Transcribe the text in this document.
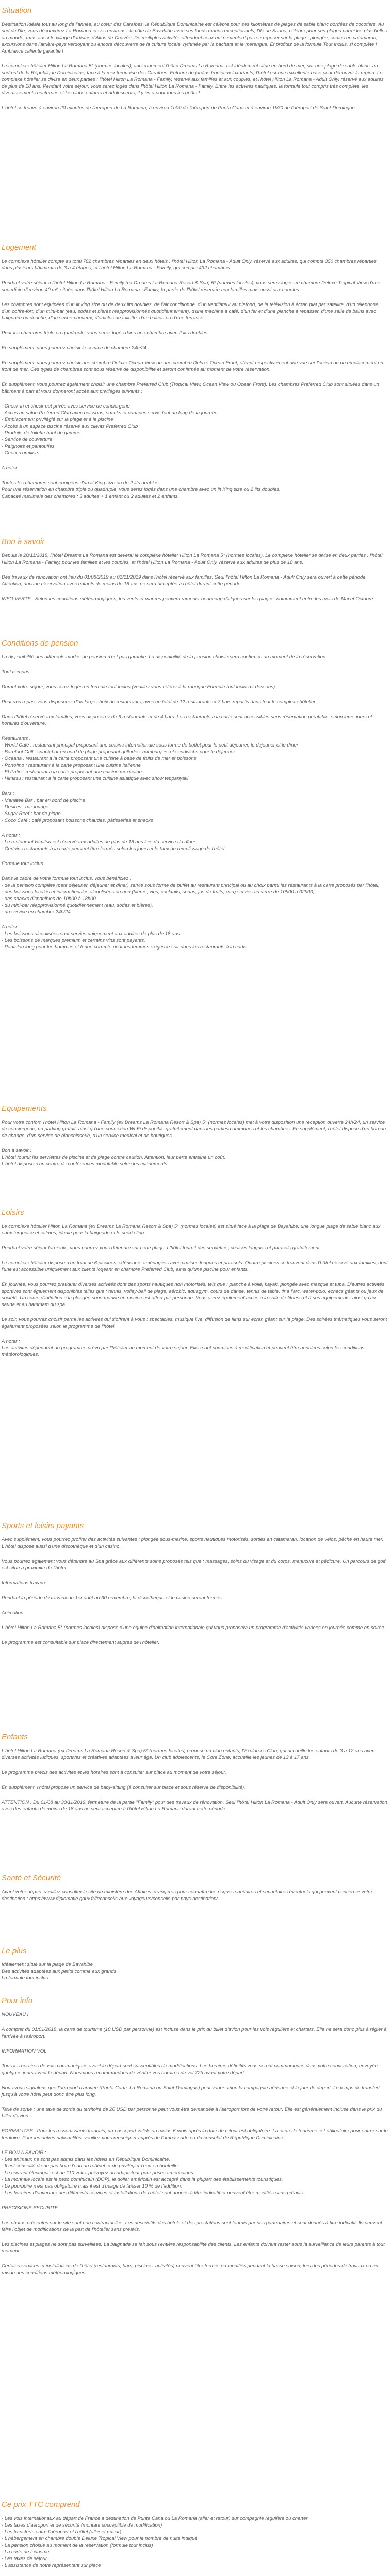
Situation

Destination idéale tout au long de l'année, au cœur des Caraïbes, la République Dominicaine est célèbre pour ses kilomètres de plages de sable blanc bordées de cocotiers. Au sud de l'île, vous découvrirez La Romana et ses environs : la côte de Bayahibe avec ses fonds marins exceptionnels, l'île de Saona, célèbre pour ses plages parmi les plus belles au monde, mais aussi le village d'artistes d'Altos de Chavón. De multiples activités attendent ceux qui ne veulent pas se reposer sur la plage : plongée, sorties en catamaran, excursions dans l'arrière-pays verdoyant ou encore découverte de la culture locale, rythmée par la bachata et le merengue. Et profitez de la formule Tout Inclus, si complète ! Ambiance caliente garantie !

Le complexe hôtelier Hilton La Romana 5* (normes locales), anciennement l'hôtel Dreams La Romana, est idéalement situé en bord de mer, sur une plage de sable blanc, au sud-est de la République Dominicaine, face à la mer turquoise des Caraïbes. Entouré de jardins tropicaux luxuriants, l'hôtel est une excellente base pour découvrir la région. Le complexe hôtelier se divise en deux parties : l'hôtel Hilton La Romana - Family, réservé aux familles et aux couples, et l'hôtel Hilton La Romana - Adult Only, réservé aux adultes de plus de 18 ans. Pendant votre séjour, vous serez logés dans l'hôtel Hilton La Romana - Family. Entre les activités nautiques, la formule tout compris très complète, les divertissements nocturnes et les clubs enfants et adolescents, il y en a pour tous les goûts !

L'hôtel se trouve à environ 20 minutes de l'aéroport de La Romana, à environ 1h00 de l'aéroport de Punta Cana et à environ 1h30 de l'aéroport de Saint-Domingue.

Logement

Le complexe hôtelier compte au total 782 chambres réparties en deux hôtels : l'hôtel Hilton La Romana - Adult Only, réservé aux adultes, qui compte 350 chambres réparties dans plusieurs bâtiments de 3 à 4 étages, et l'hôtel Hilton La Romana - Family, qui compte 432 chambres.

Pendant votre séjour à l'hôtel Hilton La Romana - Family (ex Dreams La Romana Resort & Spa) 5* (normes locales), vous serez logés en chambre Deluxe Tropical View d'une superficie d'environ 40 m², située dans l'hôtel Hilton La Romana - Family, la partie de l'hôtel réservée aux familles mais aussi aux couples.

Les chambres sont équipées d'un lit king size ou de deux lits doubles, de l'air conditionné, d'un ventilateur au plafond, de la télévision à écran plat par satellite, d'un téléphone, d'un coffre-fort, d'un mini-bar (eau, sodas et bières réapprovisionnés quotidiennement), d'une machine à café, d'un fer et d'une planche à repasser, d'une salle de bains avec baignoire ou douche, d'un sèche-cheveux, d'articles de toilette, d'un balcon ou d'une terrasse.

Pour les chambres triple ou quadruple, vous serez logés dans une chambre avec 2 lits doubles.

En supplément, vous pourrez choisir le service de chambre 24h/24.

En supplément, vous pourrez choisir une chambre Deluxe Ocean View ou une chambre Deluxe Ocean Front, offrant respectivement une vue sur l'océan ou un emplacement en front de mer. Ces types de chambres sont sous réserve de disponibilité et seront confirmés au moment de votre réservation.

En supplément, vous pourrez également choisir une chambre Preferred Club (Tropical View, Ocean View ou Ocean Front). Les chambres Preferred Club sont situées dans un bâtiment à part et vous donneront accès aux privilèges suivants :

- Check-in et check-out privés avec service de conciergerie
- Accès au salon Preferred Club avec boissons, snacks et canapés servis tout au long de la journée
- Emplacement privilégié sur la plage et à la piscine
- Accès à un espace piscine réservé aux clients Preferred Club
- Produits de toilette haut de gamme
- Service de couverture
- Peignoirs et pantoufles
- Choix d'oreillers

A noter :

Toutes les chambres sont équipées d'un lit King size ou de 2 lits doubles.
Pour une réservation en chambre triple ou quadruple, vous serez logés dans une chambre avec un lit King size ou 2 lits doubles.
Capacité maximale des chambres : 3 adultes + 1 enfant ou 2 adultes et 2 enfants.

Bon à savoir

Depuis le 20/11/2018, l'hôtel Dreams La Romana est devenu le complexe hôtelier Hilton La Romana 5* (normes locales). Le complexe hôtelier se divise en deux parties : l'hôtel Hilton La Romana - Family, pour les familles et les couples, et l'hôtel Hilton La Romana - Adult Only, réservé aux adultes de plus de 18 ans.

Des travaux de rénovation ont lieu du 01/08/2019 au 01/11/2019 dans l'hôtel réservé aux familles. Seul l'hôtel Hilton La Romana - Adult Only sera ouvert à cette période. Attention, aucune réservation avec enfants de moins de 18 ans ne sera acceptée à l'hôtel durant cette période.

INFO VERTE : Selon les conditions météorologiques, les vents et marées peuvent ramener beaucoup d'algues sur les plages, notamment entre les mois de Mai et Octobre.

Conditions de pension

La disponibilité des différents modes de pension n'est pas garantie. La disponibilité de la pension choisie sera confirmée au moment de la réservation.

Tout compris

Durant votre séjour, vous serez logés en formule tout inclus (veuillez vous référer à la rubrique Formule tout inclus ci-dessous).

Pour vos repas, vous disposerez d'un large choix de restaurants, avec un total de 12 restaurants et 7 bars répartis dans tout le complexe hôtelier.

Dans l'hôtel réservé aux familles, vous disposerez de 6 restaurants et de 4 bars. Les restaurants à la carte sont accessibles sans réservation préalable, selon leurs jours et horaires d'ouverture.

Restaurants :
- World Café : restaurant principal proposant une cuisine internationale sous forme de buffet pour le petit déjeuner, le déjeuner et le dîner
- Barefoot Grill : snack-bar en bord de plage proposant grillades, hamburgers et sandwichs pour le déjeuner
- Oceana : restaurant à la carte proposant une cuisine à base de fruits de mer et poissons
- Portofino : restaurant à la carte proposant une cuisine italienne
- El Patio : restaurant à la carte proposant une cuisine mexicaine
- Himitsu : restaurant à la carte proposant une cuisine asiatique avec show teppanyaki

Bars :
- Manatee Bar : bar en bord de piscine
- Desires : bar-lounge
- Sugar Reef : bar de plage
- Coco Café : café proposant boissons chaudes, pâtisseries et snacks

A noter :
- Le restaurant Himitsu est réservé aux adultes de plus de 18 ans lors du service du dîner.
- Certains restaurants à la carte peuvent être fermés selon les jours et le taux de remplissage de l'hôtel.

Formule tout inclus :

Dans le cadre de votre formule tout inclus, vous bénéficiez :
- de la pension complète (petit déjeuner, déjeuner et dîner) servie sous forme de buffet au restaurant principal ou au choix parmi les restaurants à la carte proposés par l'hôtel,
- des boissons locales et internationales alcoolisées ou non (bières, vins, cocktails, sodas, jus de fruits, eau) servies au verre de 10h00 à 02h00,
- des snacks disponibles de 10h00 à 18h00,
- du mini-bar réapprovisionné quotidiennement (eau, sodas et bières),
- du service en chambre 24h/24.

A noter :
- Les boissons alcoolisées sont servies uniquement aux adultes de plus de 18 ans.
- Les boissons de marques premium et certains vins sont payants.
- Pantalon long pour les hommes et tenue correcte pour les femmes exigés le soir dans les restaurants à la carte.

Equipements

Pour votre confort, l'hôtel Hilton La Romana - Family (ex Dreams La Romana Resort & Spa) 5* (normes locales) met à votre disposition une réception ouverte 24h/24, un service de conciergerie, un parking gratuit, ainsi qu'une connexion Wi-Fi disponible gratuitement dans les parties communes et les chambres. En supplément, l'hôtel dispose d'un bureau de change, d'un service de blanchisserie, d'un service médical et de boutiques.

Bon à savoir :
L'hôtel fournit les serviettes de piscine et de plage contre caution. Attention, leur perte entraîne un coût.
L'hôtel dispose d'un centre de conférences modulable selon les événements.

Loisirs

Le complexe hôtelier Hilton La Romana (ex Dreams La Romana Resort & Spa) 5* (normes locales) est situé face à la plage de Bayahibe, une longue plage de sable blanc aux eaux turquoise et calmes, idéale pour la baignade et le snorkeling.

Pendant votre séjour farniente, vous pourrez vous détendre sur cette plage. L'hôtel fournit des serviettes, chaises longues et parasols gratuitement.

Le complexe hôtelier dispose d'un total de 6 piscines extérieures aménagées avec chaises longues et parasols. Quatre piscines se trouvent dans l'hôtel réservé aux familles, dont l'une est accessible uniquement aux clients logeant en chambre Preferred Club, ainsi qu'une piscine pour enfants.

En journée, vous pourrez pratiquer diverses activités dont des sports nautiques non motorisés, tels que : planche à voile, kayak, plongée avec masque et tuba. D'autres activités sportives sont également disponibles telles que : tennis, volley-ball de plage, aérobic, aquagym, cours de danse, tennis de table, tir à l'arc, water-polo, échecs géants ou jeux de société. Un cours d'initiation à la plongée sous-marine en piscine est offert par personne. Vous aurez également accès à la salle de fitness et à ses équipements, ainsi qu'au sauna et au hammam du spa.

Le soir, vous pourrez choisir parmi les activités qui s'offrent à vous : spectacles, musique live, diffusion de films sur écran géant sur la plage. Des soirées thématiques vous seront également proposées selon le programme de l'hôtel.

A noter :
Les activités dépendent du programme prévu par l'hôtelier au moment de votre séjour. Elles sont soumises à modification et peuvent être annulées selon les conditions météorologiques.

Sports et loisirs payants

Avec supplément, vous pourrez profiter des activités suivantes : plongée sous-marine, sports nautiques motorisés, sorties en catamaran, location de vélos, pêche en haute mer.
L'hôtel dispose aussi d'une discothèque et d'un casino.

Vous pourrez également vous détendre au Spa grâce aux différents soins proposés tels que : massages, soins du visage et du corps, manucure et pédicure. Un parcours de golf est situé à proximité de l'hôtel.

Informations travaux

Pendant la période de travaux du 1er août au 30 novembre, la discothèque et le casino seront fermés.

Animation

L'hôtel Hilton La Romana 5* (normes locales) dispose d'une équipe d'animation internationale qui vous proposera un programme d'activités variées en journée comme en soirée.

Le programme est consultable sur place directement auprès de l'hôtelier.

Enfants

L'hôtel Hilton La Romana (ex Dreams La Romana Resort & Spa) 5* (normes locales) propose un club enfants, l'Explorer's Club, qui accueille les enfants de 3 à 12 ans avec diverses activités ludiques, sportives et créatives adaptées à leur âge. Un club adolescents, le Core Zone, accueille les jeunes de 13 à 17 ans.

Le programme précis des activités et les horaires sont à consulter sur place au moment de votre séjour.

En supplément, l'hôtel propose un service de baby-sitting (à consulter sur place et sous réserve de disponibilité).

ATTENTION : Du 01/08 au 30/11/2019, fermeture de la partie "Family" pour des travaux de rénovation. Seul l'hôtel Hilton La Romana - Adult Only sera ouvert. Aucune réservation avec des enfants de moins de 18 ans ne sera acceptée à l'hôtel Hilton La Romana durant cette période.

Santé et Sécurité

Avant votre départ, veuillez consulter le site du ministère des Affaires étrangères pour connaître les risques sanitaires et sécuritaires éventuels qui peuvent concerner votre destination : https://www.diplomatie.gouv.fr/fr/conseils-aux-voyageurs/conseils-par-pays-destination/

Le plus

Idéalement situé sur la plage de Bayahibe
Des activités adaptées aux petits comme aux grands
La formule tout inclus

Pour info

NOUVEAU !

A compter du 01/01/2018, la carte de tourisme (10 USD par personne) est incluse dans le prix du billet d'avion pour les vols réguliers et charters. Elle ne sera donc plus à régler à l'arrivée à l'aéroport.

INFORMATION VOL

Tous les horaires de vols communiqués avant le départ sont susceptibles de modifications. Les horaires définitifs vous seront communiqués dans votre convocation, envoyée quelques jours avant le départ. Nous vous recommandons de vérifier vos horaires de vol 72h avant votre départ.

Nous vous signalons que l'aéroport d'arrivée (Punta Cana, La Romana ou Saint-Domingue) peut varier selon la compagnie aérienne et le jour de départ. Le temps de transfert jusqu'à votre hôtel peut donc être plus long.

Taxe de sortie : une taxe de sortie du territoire de 20 USD par personne peut vous être demandée à l'aéroport lors de votre retour. Elle est généralement incluse dans le prix du billet d'avion.

FORMALITES : Pour les ressortissants français, un passeport valide au moins 6 mois après la date de retour est obligatoire. La carte de tourisme est obligatoire pour entrer sur le territoire. Pour les autres nationalités, veuillez vous renseigner auprès de l'ambassade ou du consulat de République Dominicaine.

LE BON A SAVOIR :
- Les animaux ne sont pas admis dans les hôtels en République Dominicaine.
- Il est conseillé de ne pas boire l'eau du robinet et de privilégier l'eau en bouteille.
- Le courant électrique est de 110 volts, prévoyez un adaptateur pour prises américaines.
- La monnaie locale est le peso dominicain (DOP), le dollar américain est accepté dans la plupart des établissements touristiques.
- Le pourboire n'est pas obligatoire mais il est d'usage de laisser 10 % de l'addition.
- Les horaires d'ouverture des différents services et installations de l'hôtel sont donnés à titre indicatif et peuvent être modifiés sans préavis.

PRECISIONS SECURITE

Les photos présentes sur le site sont non contractuelles. Les descriptifs des hôtels et des prestations sont fournis par nos partenaires et sont donnés à titre indicatif. Ils peuvent faire l'objet de modifications de la part de l'hôtelier sans préavis.

Les piscines et plages ne sont pas surveillées. La baignade se fait sous l'entière responsabilité des clients. Les enfants doivent rester sous la surveillance de leurs parents à tout moment.

Certains services et installations de l'hôtel (restaurants, bars, piscines, activités) peuvent être fermés ou modifiés pendant la basse saison, lors des périodes de travaux ou en raison des conditions météorologiques.

Ce prix TTC comprend

- Les vols internationaux au départ de France à destination de Punta Cana ou La Romana (aller et retour) sur compagnie régulière ou charter
- Les taxes d'aéroport et de sécurité (montant susceptible de modification)
- Les transferts entre l'aéroport et l'hôtel (aller et retour)
- L'hébergement en chambre double Deluxe Tropical View pour le nombre de nuits indiqué
- La pension choisie au moment de la réservation (formule tout inclus)
- La carte de tourisme
- Les taxes de séjour
- L'assistance de notre représentant sur place
